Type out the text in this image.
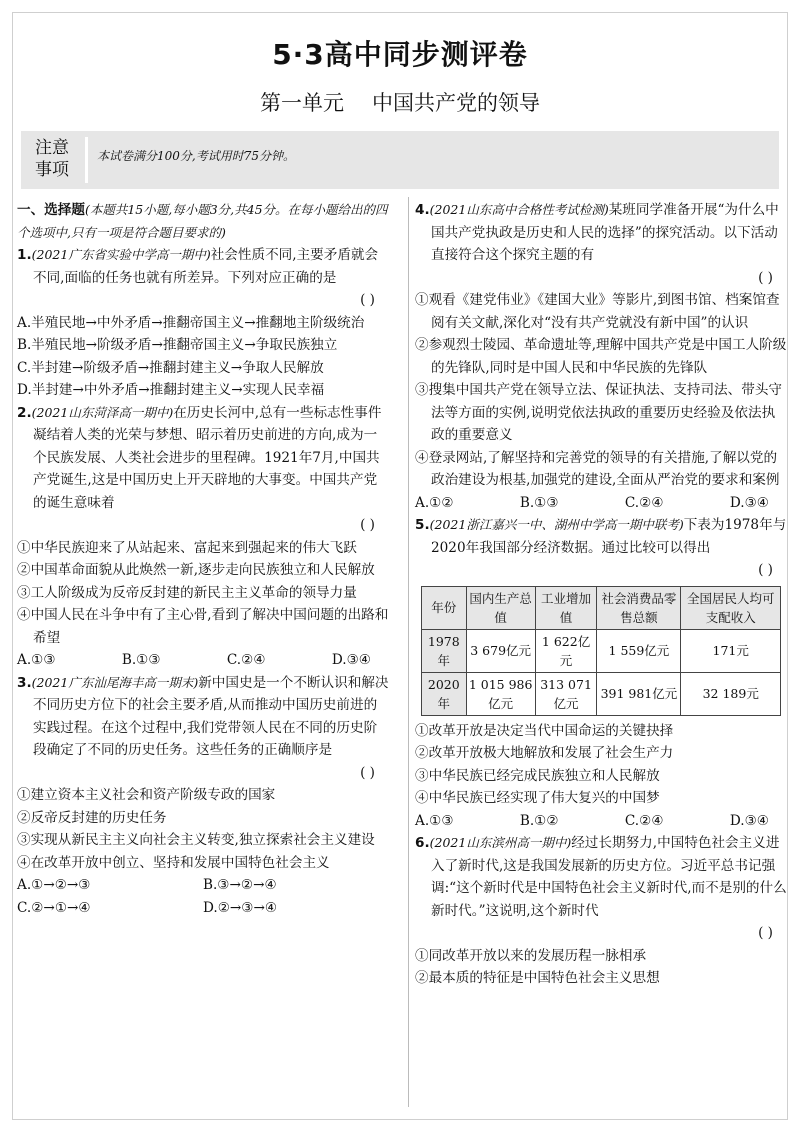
5·3高中同步测评卷
第一单元 中国共产党的领导
注意
事项
本试卷满分100分,考试用时75分钟。

一、选择题(本题共15小题,每小题3分,共45分。在每小题给出的四个选项中,只有一项是符合题目要求的)

1.(2021广东省实验中学高一期中)社会性质不同,主要矛盾就会不同,面临的任务也就有所差异。下列对应正确的是

( )

A.半殖民地→中外矛盾→推翻帝国主义→推翻地主阶级统治

B.半殖民地→阶级矛盾→推翻帝国主义→争取民族独立

C.半封建→阶级矛盾→推翻封建主义→争取人民解放

D.半封建→中外矛盾→推翻封建主义→实现人民幸福

2.(2021山东菏泽高一期中)在历史长河中,总有一些标志性事件凝结着人类的光荣与梦想、昭示着历史前进的方向,成为一个民族发展、人类社会进步的里程碑。1921年7月,中国共产党诞生,这是中国历史上开天辟地的大事变。中国共产党的诞生意味着

( )

①中华民族迎来了从站起来、富起来到强起来的伟大飞跃

②中国革命面貌从此焕然一新,逐步走向民族独立和人民解放

③工人阶级成为反帝反封建的新民主主义革命的领导力量

④中国人民在斗争中有了主心骨,看到了解决中国问题的出路和希望

A.①③	B.①③	C.②④	D.③④

3.(2021广东汕尾海丰高一期末)新中国史是一个不断认识和解决不同历史方位下的社会主要矛盾,从而推动中国历史前进的实践过程。在这个过程中,我们党带领人民在不同的历史阶段确定了不同的历史任务。这些任务的正确顺序是

( )

①建立资本主义社会和资产阶级专政的国家

②反帝反封建的历史任务

③实现从新民主主义向社会主义转变,独立探索社会主义建设

④在改革开放中创立、坚持和发展中国特色社会主义

A.①→②→③	B.③→②→④
C.②→①→④	D.②→③→④

4.(2021山东高中合格性考试检测)某班同学准备开展“为什么中国共产党执政是历史和人民的选择”的探究活动。以下活动直接符合这个探究主题的有

( )

①观看《建党伟业》《建国大业》等影片,到图书馆、档案馆查阅有关文献,深化对“没有共产党就没有新中国”的认识

②参观烈士陵园、革命遗址等,理解中国共产党是中国工人阶级的先锋队,同时是中国人民和中华民族的先锋队

③搜集中国共产党在领导立法、保证执法、支持司法、带头守法等方面的实例,说明党依法执政的重要历史经验及依法执政的重要意义

④登录网站,了解坚持和完善党的领导的有关措施,了解以党的政治建设为根基,加强党的建设,全面从严治党的要求和案例

A.①②	B.①③	C.②④	D.③④

5.(2021浙江嘉兴一中、湖州中学高一期中联考)下表为1978年与2020年我国部分经济数据。通过比较可以得出

( )

年份	国内生产总值	工业增加值	社会消费品零售总额	全国居民人均可支配收入
1978年	3 679亿元	1 622亿元	1 559亿元	171元
2020年	1 015 986亿元	313 071亿元	391 981亿元	32 189元

①改革开放是决定当代中国命运的关键抉择

②改革开放极大地解放和发展了社会生产力

③中华民族已经完成民族独立和人民解放

④中华民族已经实现了伟大复兴的中国梦

A.①③	B.①②	C.②④	D.③④

6.(2021山东滨州高一期中)经过长期努力,中国特色社会主义进入了新时代,这是我国发展新的历史方位。习近平总书记强调:“这个新时代是中国特色社会主义新时代,而不是别的什么新时代。”这说明,这个新时代

( )

①同改革开放以来的发展历程一脉相承

②最本质的特征是中国特色社会主义思想
